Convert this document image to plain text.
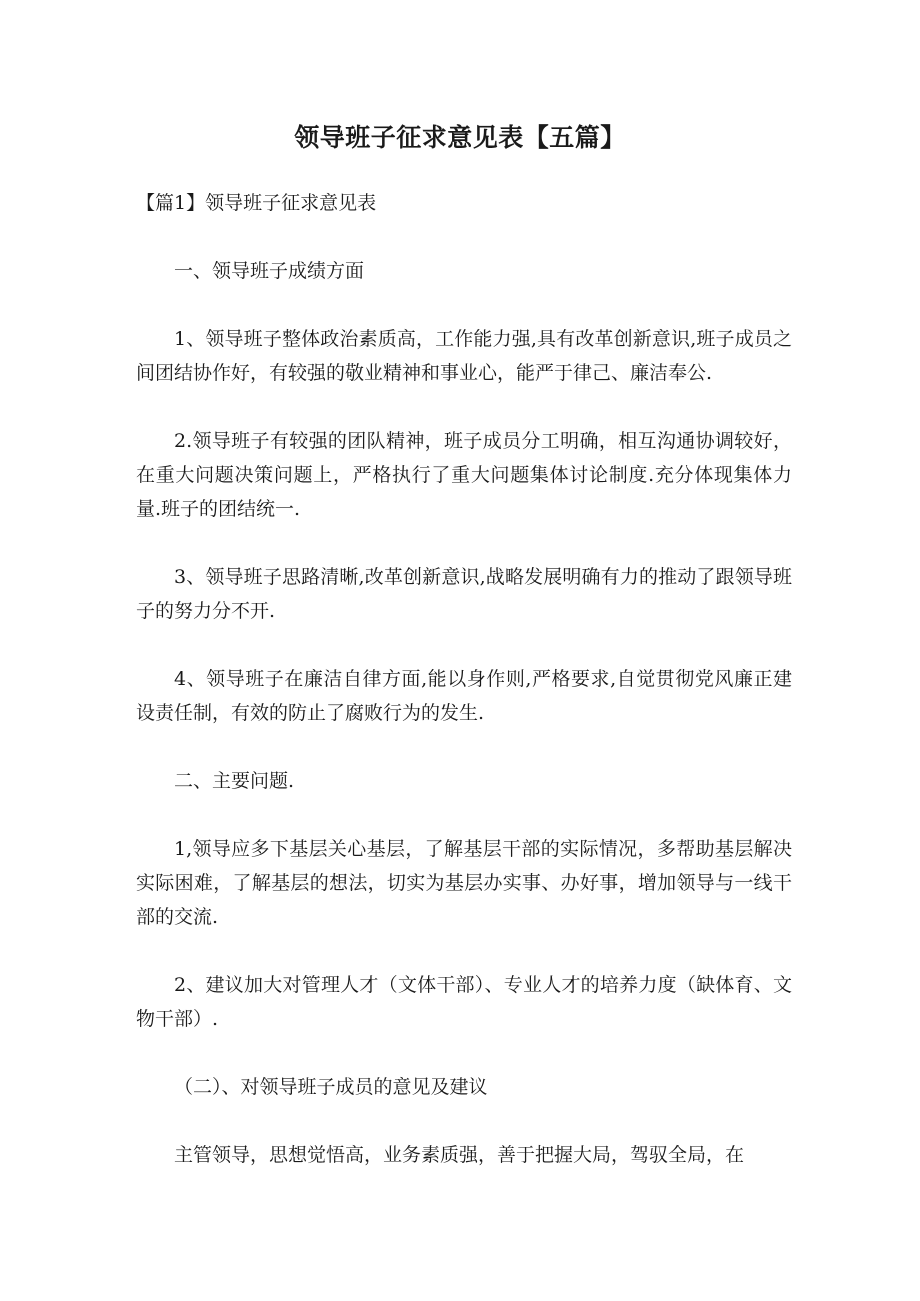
领导班子征求意见表【五篇】

【篇1】领导班子征求意见表

一、领导班子成绩方面

1、领导班子整体政治素质高，工作能力强,具有改革创新意识,班子成员之间团结协作好，有较强的敬业精神和事业心，能严于律己、廉洁奉公.

2.领导班子有较强的团队精神，班子成员分工明确，相互沟通协调较好，在重大问题决策问题上，严格执行了重大问题集体讨论制度.充分体现集体力量.班子的团结统一.

3、领导班子思路清晰,改革创新意识,战略发展明确有力的推动了跟领导班子的努力分不开.

4、领导班子在廉洁自律方面,能以身作则,严格要求,自觉贯彻党风廉正建设责任制，有效的防止了腐败行为的发生.

二、主要问题.

1,领导应多下基层关心基层，了解基层干部的实际情况，多帮助基层解决实际困难，了解基层的想法，切实为基层办实事、办好事，增加领导与一线干部的交流.

2、建议加大对管理人才（文体干部）、专业人才的培养力度（缺体育、文物干部）.

（二）、对领导班子成员的意见及建议

主管领导，思想觉悟高，业务素质强，善于把握大局，驾驭全局，在
